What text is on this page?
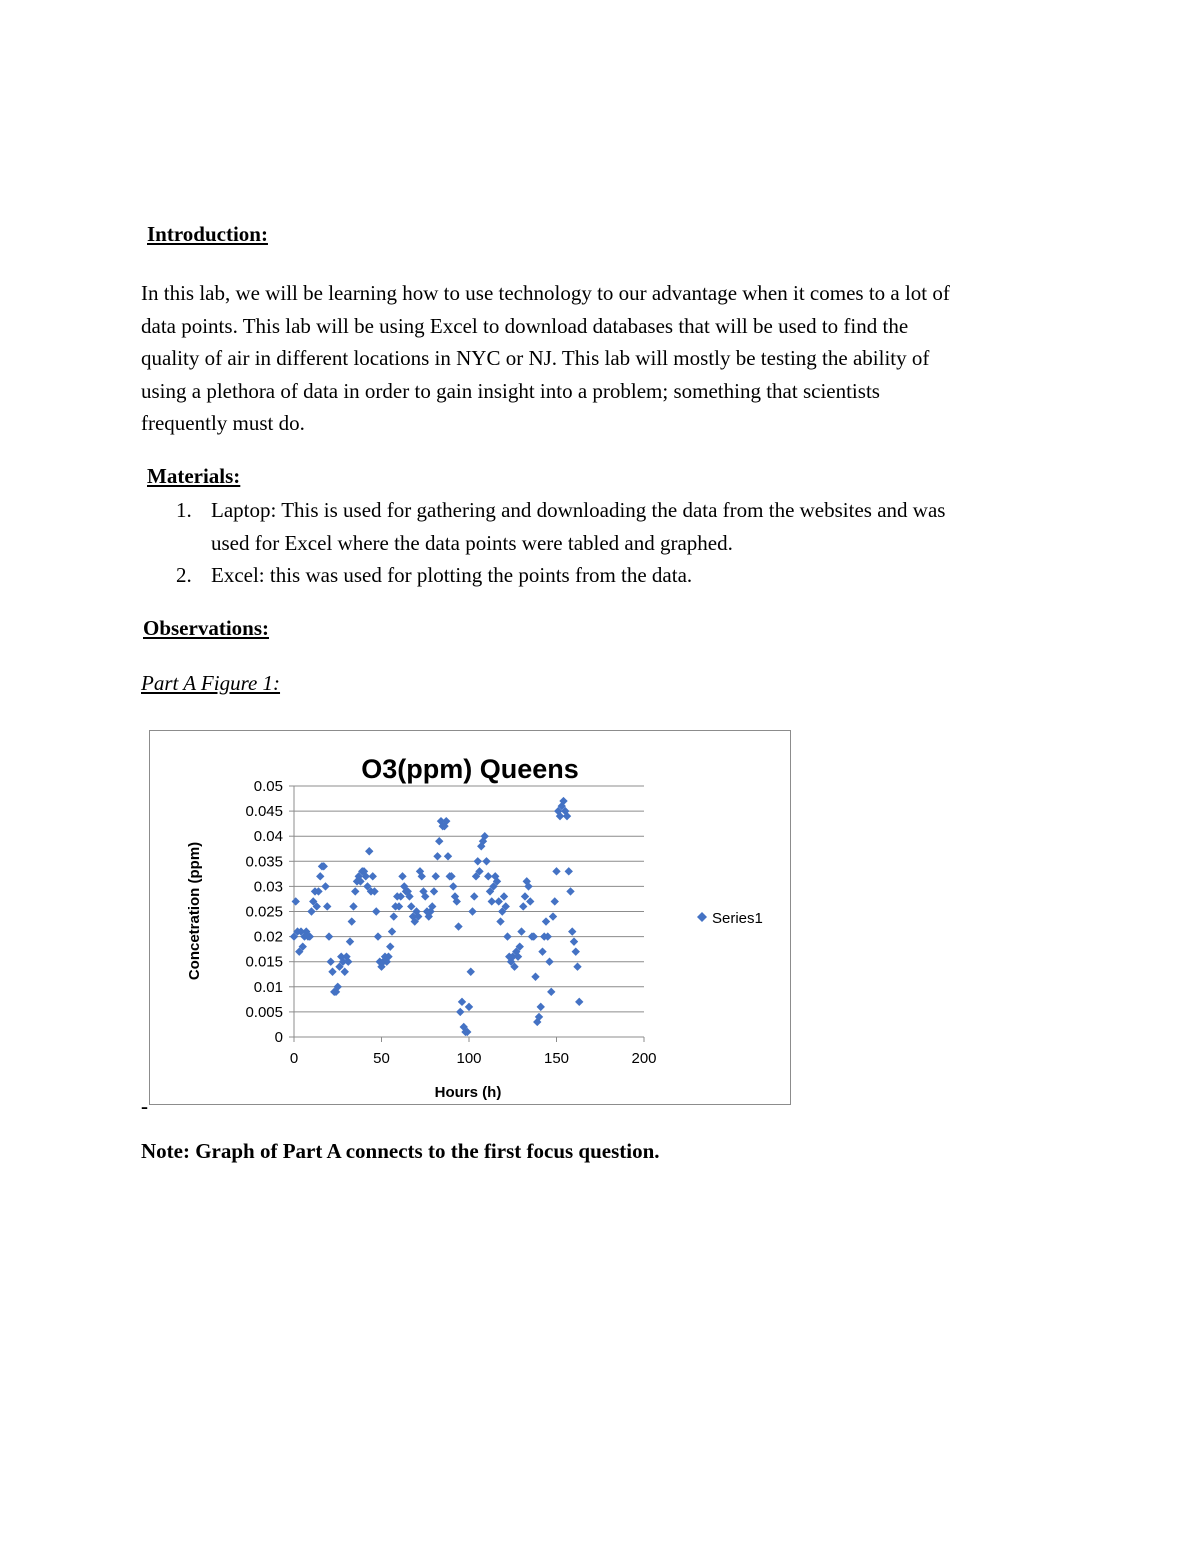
Introduction:
In this lab, we will be learning how to use technology to our advantage when it comes to a lot of
data points. This lab will be using Excel to download databases that will be used to find the
quality of air in different locations in NYC or NJ. This lab will mostly be testing the ability of
using a plethora of data in order to gain insight into a problem; something that scientists
frequently must do.
Materials:
1. Laptop: This is used for gathering and downloading the data from the websites and was
used for Excel where the data points were tabled and graphed.
2. Excel: this was used for plotting the points from the data.
Observations:
Part A Figure 1:
O3(ppm) Queens
0
0.005
0.01
0.015
0.02
0.025
0.03
0.035
0.04
0.045
0.05
0	50	100	150	200
Hours (h)
Concetration (ppm)	Series1
-
Note: Graph of Part A connects to the first focus question.
